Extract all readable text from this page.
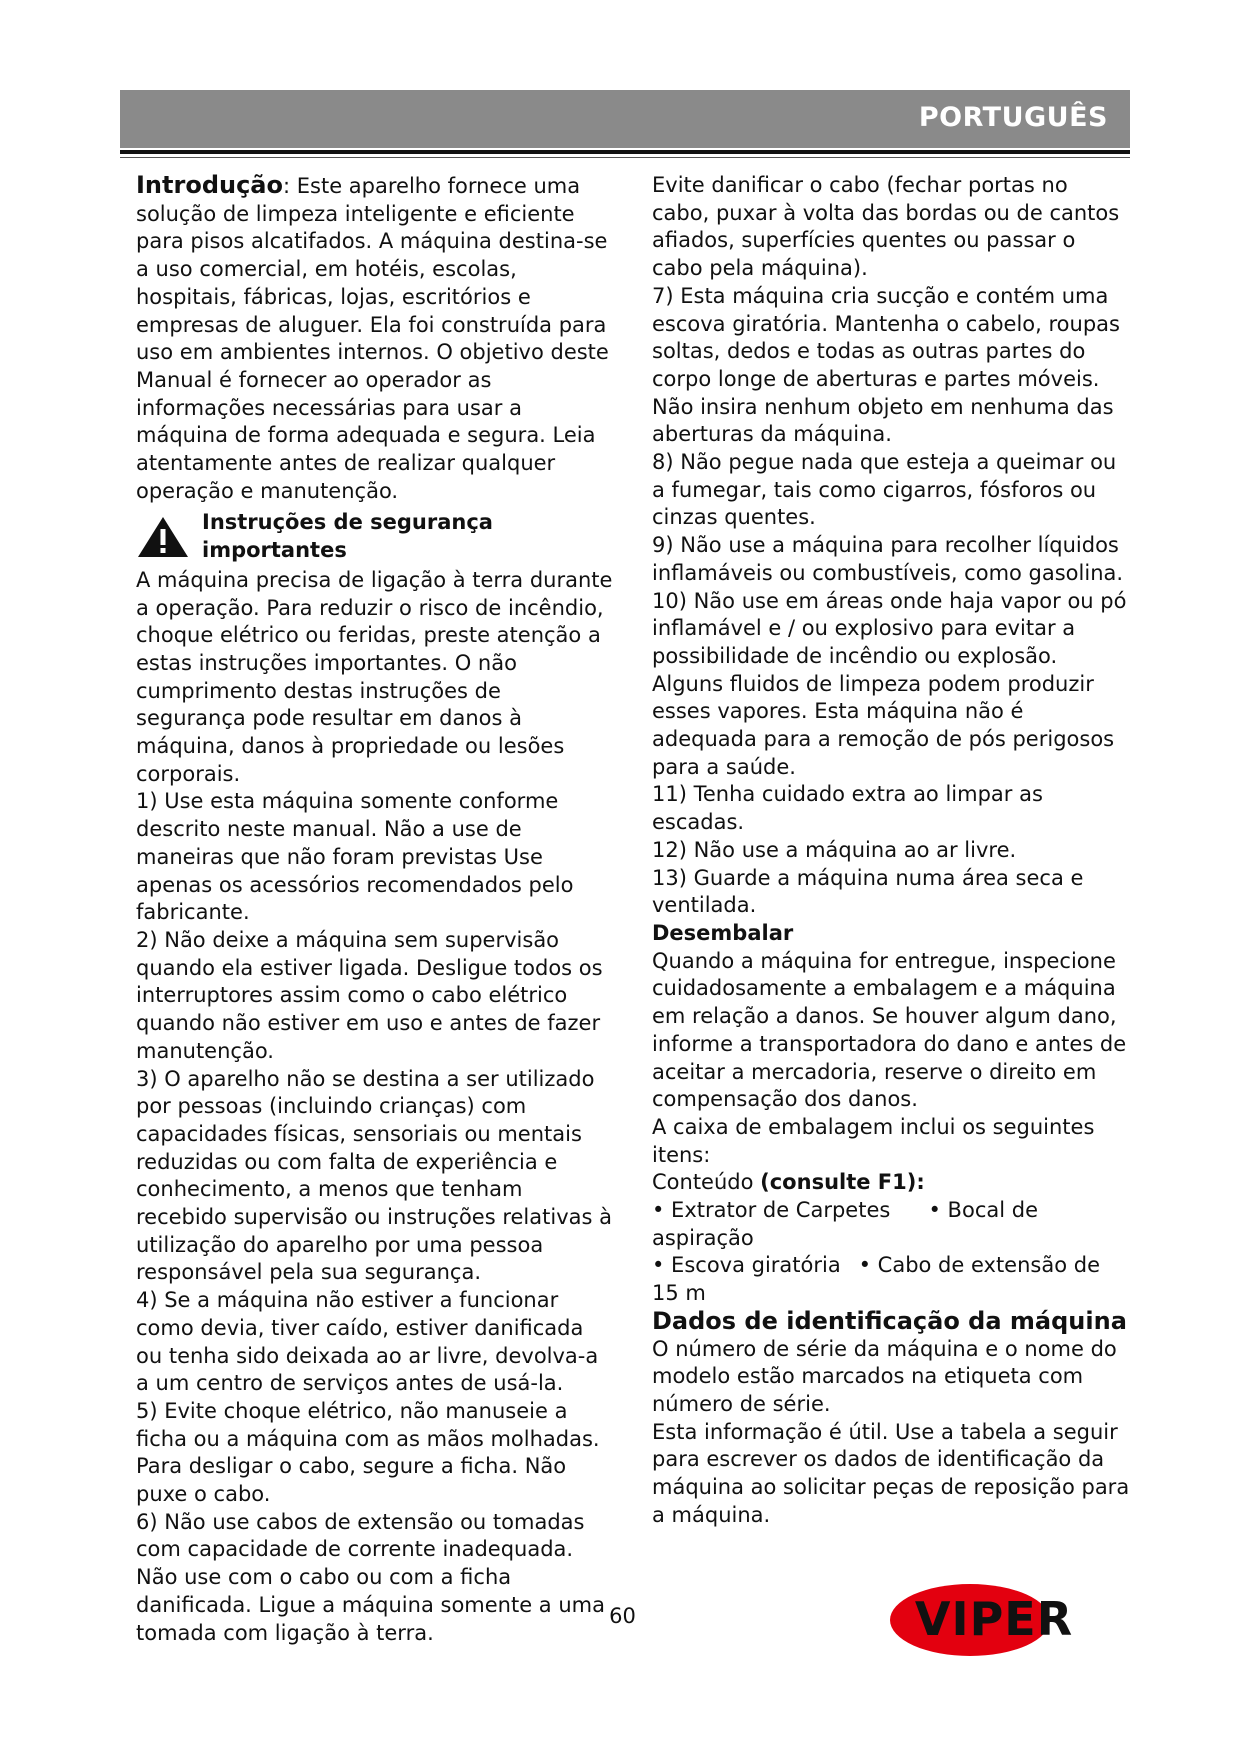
PORTUGUÊS

Introdução: Este aparelho fornece uma solução de limpeza inteligente e eficiente para pisos alcatifados. A máquina destina-se a uso comercial, em hotéis, escolas, hospitais, fábricas, lojas, escritórios e empresas de aluguer. Ela foi construída para uso em ambientes internos. O objetivo deste Manual é fornecer ao operador as informações necessárias para usar a máquina de forma adequada e segura. Leia atentamente antes de realizar qualquer operação e manutenção.

Instruções de segurança importantes

A máquina precisa de ligação à terra durante a operação. Para reduzir o risco de incêndio, choque elétrico ou feridas, preste atenção a estas instruções importantes. O não cumprimento destas instruções de segurança pode resultar em danos à máquina, danos à propriedade ou lesões corporais.

1) Use esta máquina somente conforme descrito neste manual. Não a use de maneiras que não foram previstas Use apenas os acessórios recomendados pelo fabricante.

2) Não deixe a máquina sem supervisão quando ela estiver ligada. Desligue todos os interruptores assim como o cabo elétrico quando não estiver em uso e antes de fazer manutenção.

3) O aparelho não se destina a ser utilizado por pessoas (incluindo crianças) com capacidades físicas, sensoriais ou mentais reduzidas ou com falta de experiência e conhecimento, a menos que tenham recebido supervisão ou instruções relativas à utilização do aparelho por uma pessoa responsável pela sua segurança.

4) Se a máquina não estiver a funcionar como devia, tiver caído, estiver danificada ou tenha sido deixada ao ar livre, devolva-a a um centro de serviços antes de usá-la.

5) Evite choque elétrico, não manuseie a ficha ou a máquina com as mãos molhadas. Para desligar o cabo, segure a ficha. Não puxe o cabo.

6) Não use cabos de extensão ou tomadas com capacidade de corrente inadequada.

Não use com o cabo ou com a ficha danificada. Ligue a máquina somente a uma tomada com ligação à terra.

Evite danificar o cabo (fechar portas no cabo, puxar à volta das bordas ou de cantos afiados, superfícies quentes ou passar o cabo pela máquina).

7) Esta máquina cria sucção e contém uma escova giratória. Mantenha o cabelo, roupas soltas, dedos e todas as outras partes do corpo longe de aberturas e partes móveis. Não insira nenhum objeto em nenhuma das aberturas da máquina.

8) Não pegue nada que esteja a queimar ou a fumegar, tais como cigarros, fósforos ou cinzas quentes.

9) Não use a máquina para recolher líquidos inflamáveis ou combustíveis, como gasolina.

10) Não use em áreas onde haja vapor ou pó inflamável e / ou explosivo para evitar a possibilidade de incêndio ou explosão. Alguns fluidos de limpeza podem produzir esses vapores. Esta máquina não é adequada para a remoção de pós perigosos para a saúde.

11) Tenha cuidado extra ao limpar as escadas.

12) Não use a máquina ao ar livre.

13) Guarde a máquina numa área seca e ventilada.

Desembalar

Quando a máquina for entregue, inspecione cuidadosamente a embalagem e a máquina em relação a danos. Se houver algum dano, informe a transportadora do dano e antes de aceitar a mercadoria, reserve o direito em compensação dos danos.

A caixa de embalagem inclui os seguintes itens:

Conteúdo (consulte F1):

• Extrator de Carpetes • Bocal de

aspiração

• Escova giratória • Cabo de extensão de

15 m

Dados de identificação da máquina

O número de série da máquina e o nome do modelo estão marcados na etiqueta com número de série.

Esta informação é útil. Use a tabela a seguir para escrever os dados de identificação da máquina ao solicitar peças de reposição para a máquina.

60	VIPER
